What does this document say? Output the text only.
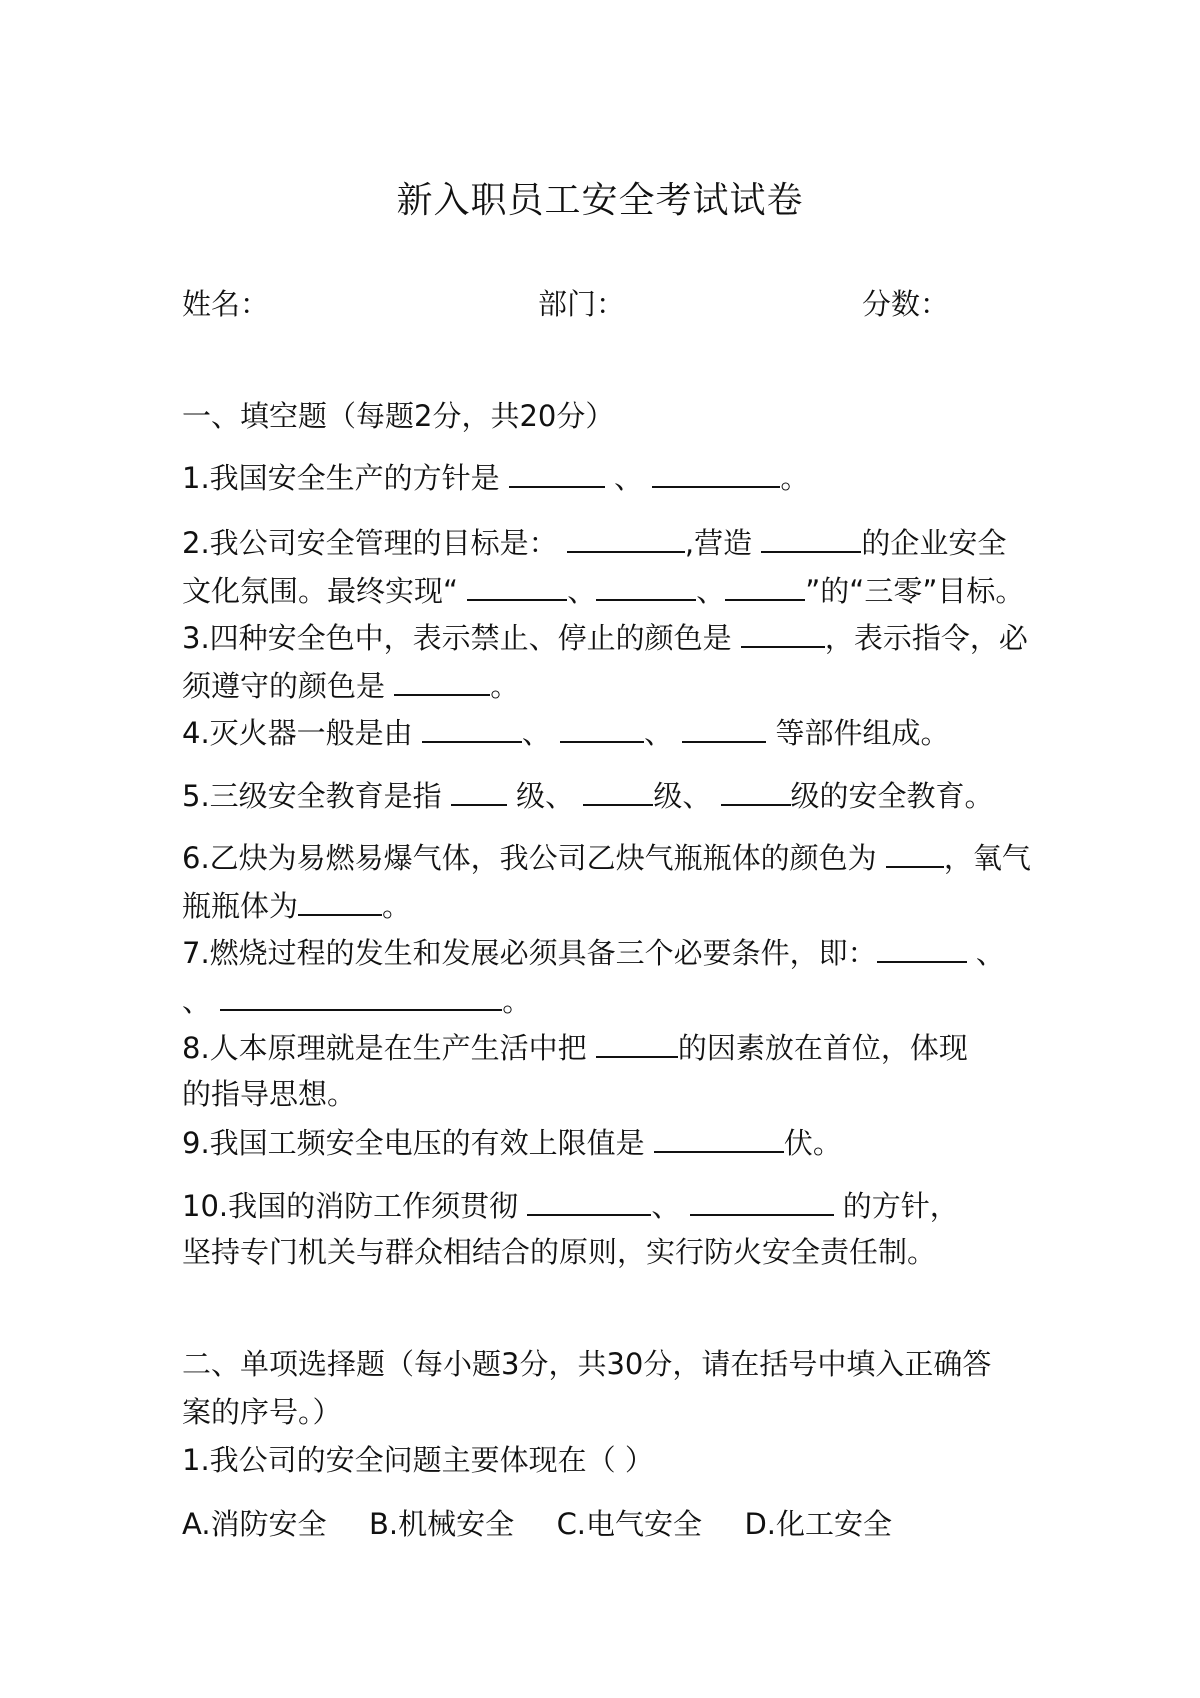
新入职员工安全考试试卷
姓名：	部门：	分数：
一、填空题（每题2分，共20分）
1.我国安全生产的方针是	、	。
2.我公司安全管理的目标是：	,营造	的企业安全
文化氛围。最终实现“	、	、	”的“三零”目标。
3.四种安全色中，表示禁止、停止的颜色是	，表示指令，必
须遵守的颜色是	。
4.灭火器一般是由	、	、	等部件组成。
5.三级安全教育是指  级、 级、 级的安全教育。
6.乙炔为易燃易爆气体，我公司乙炔气瓶瓶体的颜色为 ，氧气
瓶瓶体为	。
7.燃烧过程的发生和发展必须具备三个必要条件，即：	、
、	。
8.人本原理就是在生产生活中把	的因素放在首位，体现
的指导思想。
9.我国工频安全电压的有效上限值是	伏。
10.我国的消防工作须贯彻	、	的方针，
坚持专门机关与群众相结合的原则，实行防火安全责任制。
二、单项选择题（每小题3分，共30分，请在括号中填入正确答
案的序号。）
1.我公司的安全问题主要体现在（ ）
A.消防安全 B.机械安全 C.电气安全 D.化工安全
